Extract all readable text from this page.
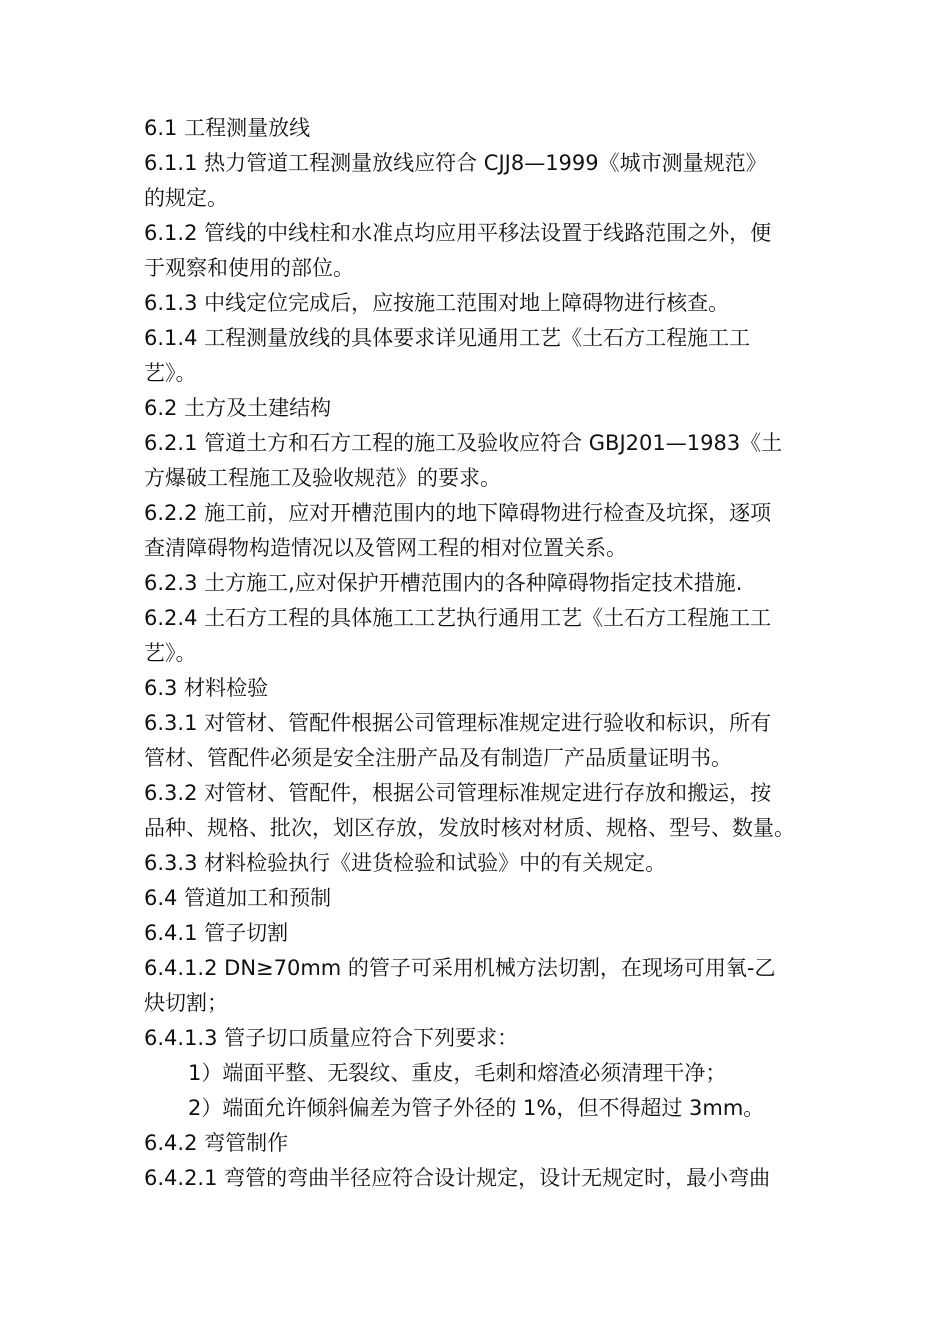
6.1 工程测量放线
6.1.1 热力管道工程测量放线应符合 CJJ8—1999《城市测量规范》
的规定。
6.1.2 管线的中线柱和水准点均应用平移法设置于线路范围之外，便
于观察和使用的部位。
6.1.3 中线定位完成后，应按施工范围对地上障碍物进行核查。
6.1.4 工程测量放线的具体要求详见通用工艺《土石方工程施工工
艺》。
6.2 土方及土建结构
6.2.1 管道土方和石方工程的施工及验收应符合 GBJ201—1983《土
方爆破工程施工及验收规范》的要求。
6.2.2 施工前，应对开槽范围内的地下障碍物进行检查及坑探，逐项
查清障碍物构造情况以及管网工程的相对位置关系。
6.2.3 土方施工,应对保护开槽范围内的各种障碍物指定技术措施.
6.2.4 土石方工程的具体施工工艺执行通用工艺《土石方工程施工工
艺》。
6.3 材料检验
6.3.1 对管材、管配件根据公司管理标准规定进行验收和标识，所有
管材、管配件必须是安全注册产品及有制造厂产品质量证明书。
6.3.2 对管材、管配件，根据公司管理标准规定进行存放和搬运，按
品种、规格、批次，划区存放，发放时核对材质、规格、型号、数量。
6.3.3 材料检验执行《进货检验和试验》中的有关规定。
6.4 管道加工和预制
6.4.1 管子切割
6.4.1.2 DN≥70mm 的管子可采用机械方法切割，在现场可用氧-乙
炔切割；
6.4.1.3 管子切口质量应符合下列要求：
1）端面平整、无裂纹、重皮，毛刺和熔渣必须清理干净；
2）端面允许倾斜偏差为管子外径的 1%，但不得超过 3mm。
6.4.2 弯管制作
6.4.2.1 弯管的弯曲半径应符合设计规定，设计无规定时，最小弯曲
